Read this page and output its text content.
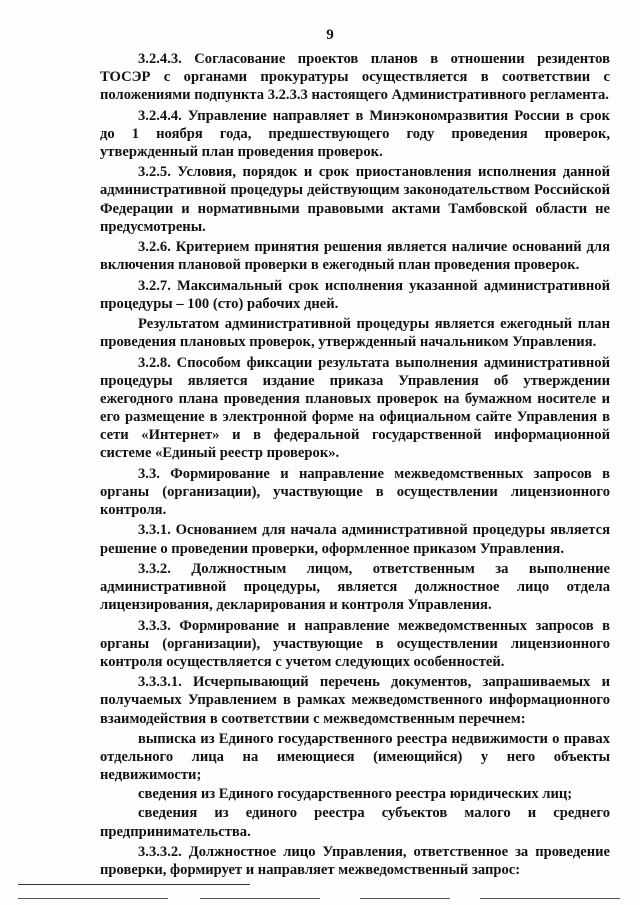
9

3.2.4.3. Согласование проектов планов в отношении резидентов ТОСЭР с органами прокуратуры осуществляется в соответствии с положениями подпункта 3.2.3.3 настоящего Административного регламента.

3.2.4.4. Управление направляет в Минэкономразвития России в срок до 1 ноября года, предшествующего году проведения проверок, утвержденный план проведения проверок.

3.2.5. Условия, порядок и срок приостановления исполнения данной административной процедуры действующим законодательством Российской Федерации и нормативными правовыми актами Тамбовской области не предусмотрены.

3.2.6. Критерием принятия решения является наличие оснований для включения плановой проверки в ежегодный план проведения проверок.

3.2.7. Максимальный срок исполнения указанной административной процедуры – 100 (сто) рабочих дней.

Результатом административной процедуры является ежегодный план проведения плановых проверок, утвержденный начальником Управления.

3.2.8. Способом фиксации результата выполнения административной процедуры является издание приказа Управления об утверждении ежегодного плана проведения плановых проверок на бумажном носителе и его размещение в электронной форме на официальном сайте Управления в сети «Интернет» и в федеральной государственной информационной системе «Единый реестр проверок».

3.3. Формирование и направление межведомственных запросов в органы (организации), участвующие в осуществлении лицензионного контроля.

3.3.1. Основанием для начала административной процедуры является решение о проведении проверки, оформленное приказом Управления.

3.3.2. Должностным лицом, ответственным за выполнение административной процедуры, является должностное лицо отдела лицензирования, декларирования и контроля Управления.

3.3.3. Формирование и направление межведомственных запросов в органы (организации), участвующие в осуществлении лицензионного контроля осуществляется с учетом следующих особенностей.

3.3.3.1. Исчерпывающий перечень документов, запрашиваемых и получаемых Управлением в рамках межведомственного информационного взаимодействия в соответствии с межведомственным перечнем:

выписка из Единого государственного реестра недвижимости о правах отдельного лица на имеющиеся (имеющийся) у него объекты недвижимости;

сведения из Единого государственного реестра юридических лиц;

сведения из единого реестра субъектов малого и среднего предпринимательства.

3.3.3.2. Должностное лицо Управления, ответственное за проведение проверки, формирует и направляет межведомственный запрос:
